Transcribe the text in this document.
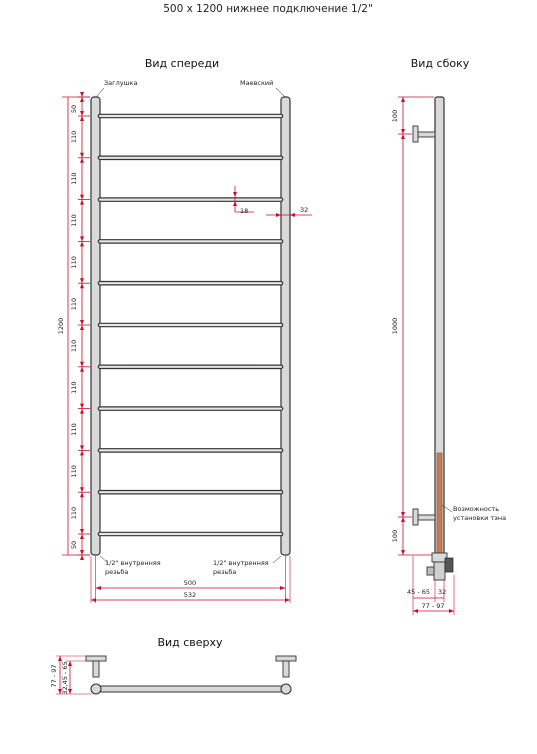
500 x 1200 нижнее подключение 1/2"
Вид спереди
Заглушка	Маевский
1200
50
50
110
110
110
110
110
110
110
110
110
110
18	32
1/2" внутренняя
резьба
1/2" внутренняя
резьба
500
532
Вид сбоку
100
1000
100
Возможность
установки тэна
45 - 65 32
77 - 97
Вид сверху
77 - 97 32,45 - 65
